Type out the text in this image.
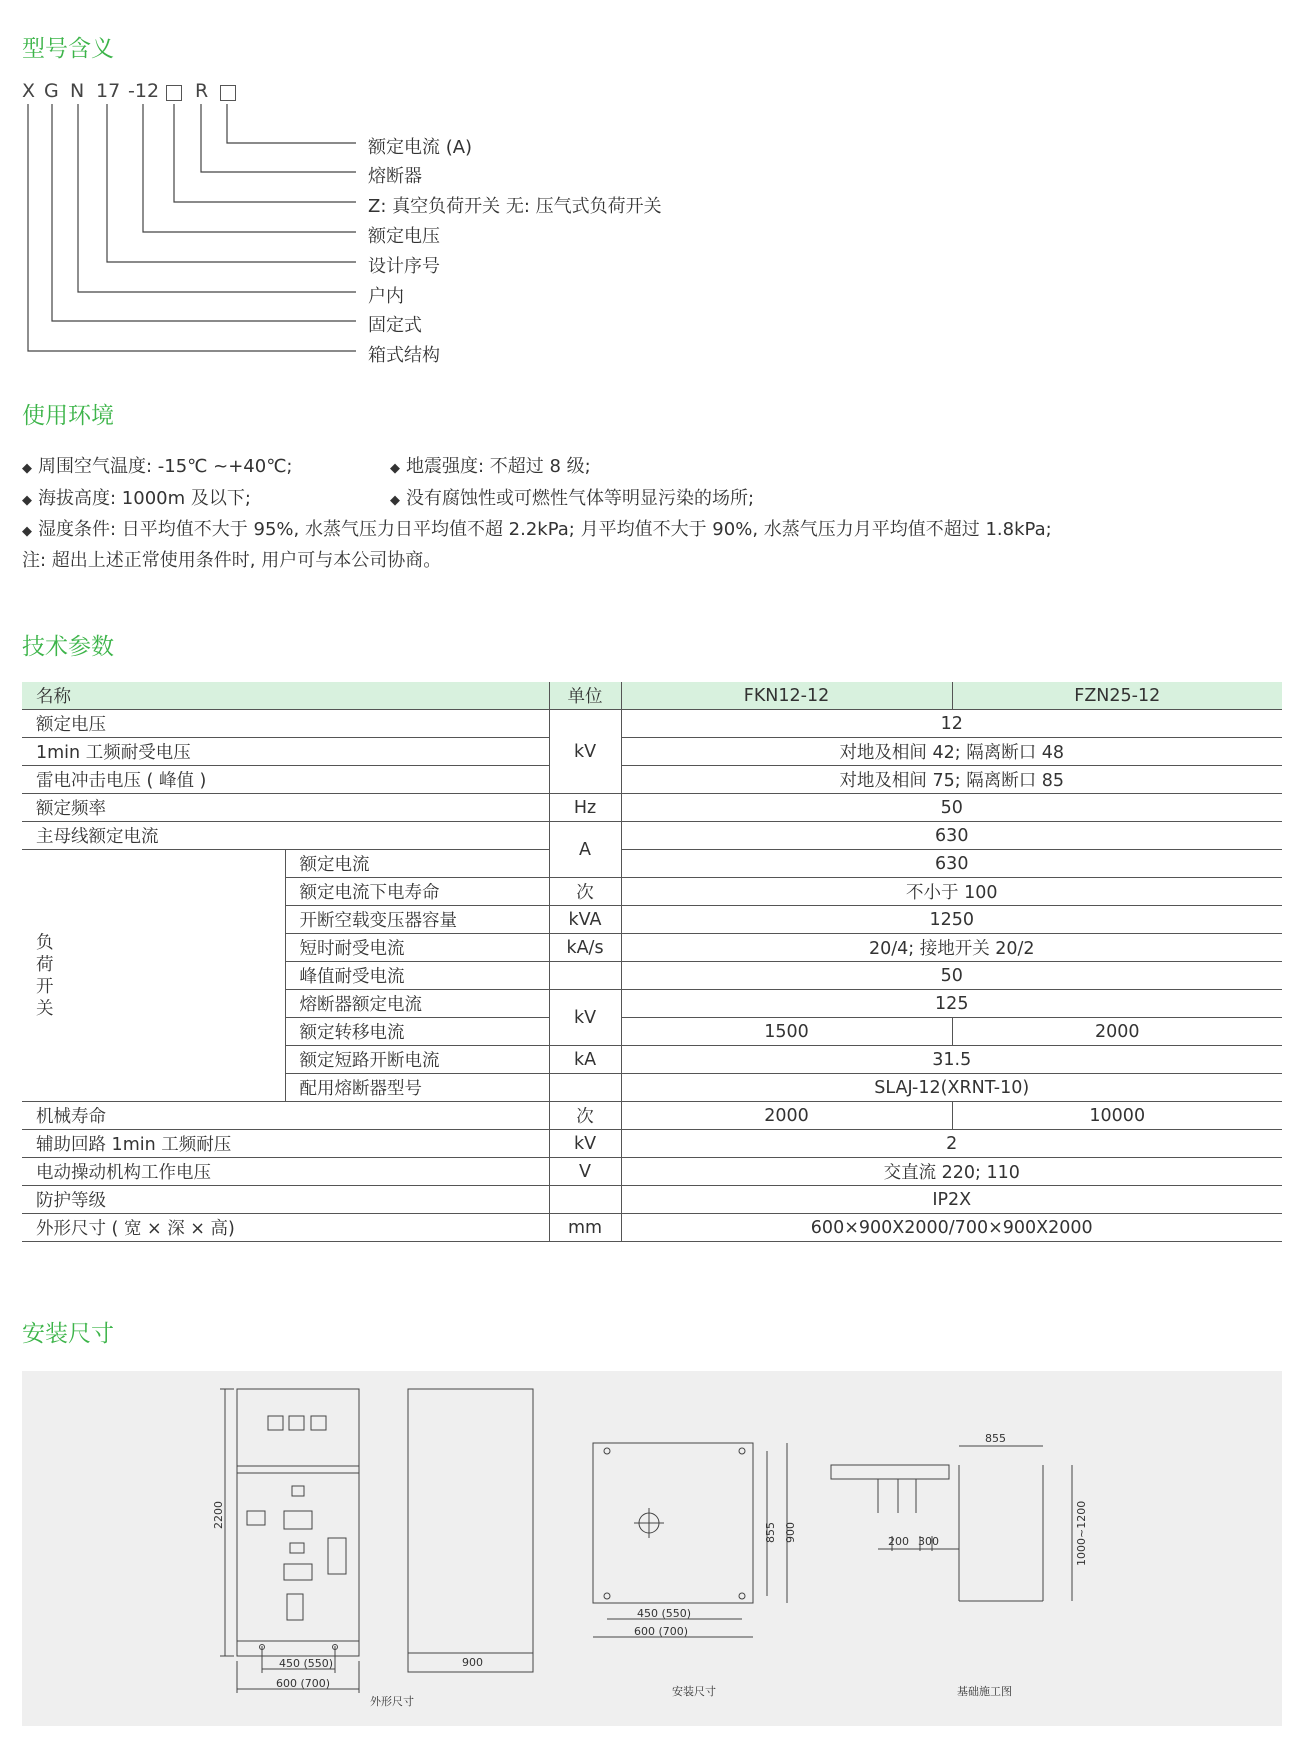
型号含义
X G N 17 -12 R
额定电流 (A)
熔断器
Z: 真空负荷开关 无: 压气式负荷开关
额定电压
设计序号
户内
固定式
箱式结构
使用环境
◆ 周围空气温度: -15℃ ~+40℃;	◆ 地震强度: 不超过 8 级;
◆ 海拔高度: 1000m 及以下;	◆ 没有腐蚀性或可燃性气体等明显污染的场所;
◆ 湿度条件: 日平均值不大于 95%, 水蒸气压力日平均值不超 2.2kPa; 月平均值不大于 90%, 水蒸气压力月平均值不超过 1.8kPa;
注: 超出上述正常使用条件时, 用户可与本公司协商。
技术参数
名称		单位	FKN12-12	FZN25-12
额定电压		kV	12	
1min 工频耐受电压			对地及相间 42; 隔离断口 48	
雷电冲击电压 ( 峰值 )			对地及相间 75; 隔离断口 85	
额定频率		Hz	50	
主母线额定电流		A	630	

负
荷
开
关	额定电流		630	
	额定电流下电寿命	次	不小于 100	
	开断空载变压器容量	kVA	1250	
	短时耐受电流	kA/s	20/4; 接地开关 20/2	
	峰值耐受电流		50	
	熔断器额定电流	kV	125	
	额定转移电流		1500	2000
	额定短路开断电流	kA	31.5	
	配用熔断器型号		SLAJ-12(XRNT-10)	
机械寿命		次	2000	10000
辅助回路 1min 工频耐压		kV	2	
电动操动机构工作电压		V	交直流 220; 110	
防护等级			IP2X	
外形尺寸 ( 宽 × 深 × 高)		mm	600×900X2000/700×900X2000	
安装尺寸
2200
450 (550)
600 (700)
900
855 900
450 (550)
600 (700)
855
200 300	1000~1200
外形尺寸
安装尺寸	基础施工图
